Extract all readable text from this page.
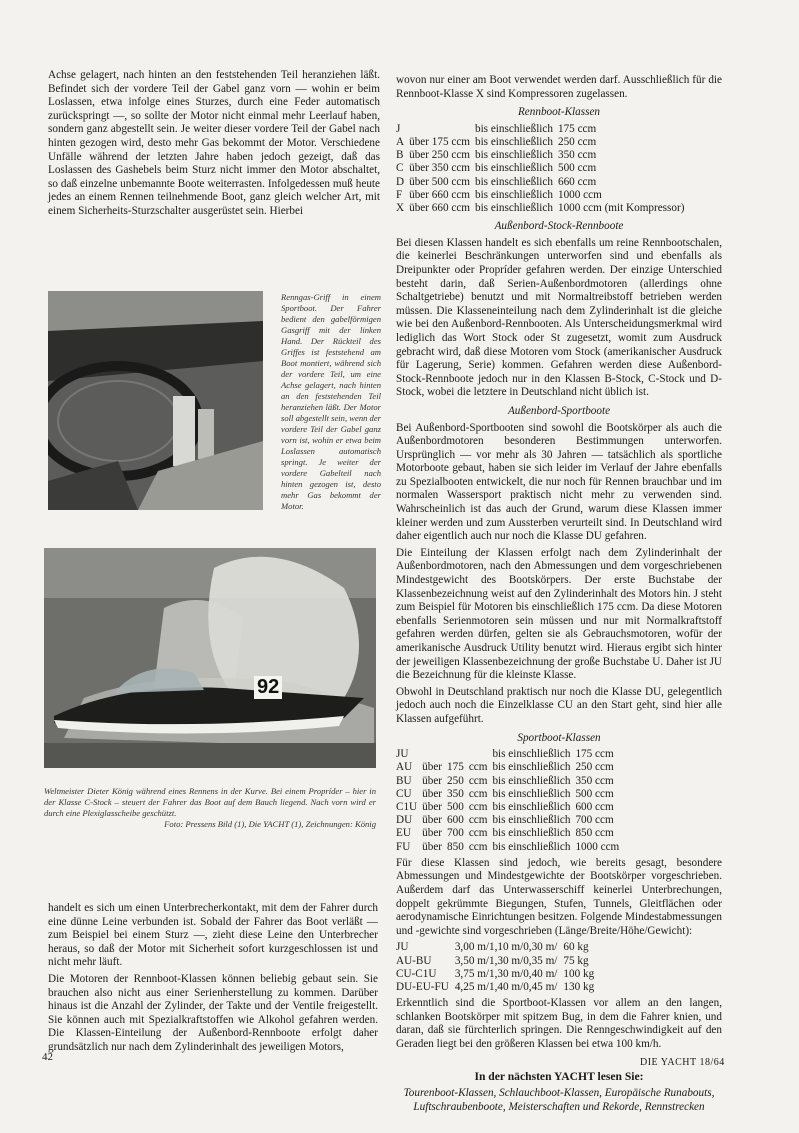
Achse gelagert, nach hinten an den feststehenden Teil heranziehen läßt. Befindet sich der vordere Teil der Gabel ganz vorn — wohin er beim Loslassen, etwa infolge eines Sturzes, durch eine Feder automatisch zurückspringt —, so sollte der Motor nicht einmal mehr Leerlauf haben, sondern ganz abgestellt sein. Je weiter dieser vordere Teil der Gabel nach hinten gezogen wird, desto mehr Gas bekommt der Motor. Verschiedene Unfälle während der letzten Jahre haben jedoch gezeigt, daß das Loslassen des Gashebels beim Sturz nicht immer den Motor abschaltet, so daß einzelne unbemannte Boote weiterrasten. Infolgedessen muß heute jedes an einem Rennen teilnehmende Boot, ganz gleich welcher Art, mit einem Sicherheits-Sturzschalter ausgerüstet sein. Hierbei

Renngas-Griff in einem Sportboot. Der Fahrer bedient den gabelförmigen Gasgriff mit der linken Hand. Der Rückteil des Griffes ist feststehend am Boot montiert, während sich der vordere Teil, um eine Achse gelagert, nach hinten an den feststehenden Teil heranziehen läßt. Der Motor soll abgestellt sein, wenn der vordere Teil der Gabel ganz vorn ist, wohin er etwa beim Loslassen automatisch springt. Je weiter der vordere Gabelteil nach hinten gezogen ist, desto mehr Gas bekommt der Motor.
92
Weltmeister Dieter König während eines Rennens in der Kurve. Bei einem Propríder – hier in der Klasse C-Stock – steuert der Fahrer das Boot auf dem Bauch liegend. Nach vorn wird er durch eine Plexiglasscheibe geschützt.
Foto: Pressens Bild (1), Die YACHT (1), Zeichnungen: König

handelt es sich um einen Unterbrecherkontakt, mit dem der Fahrer durch eine dünne Leine verbunden ist. Sobald der Fahrer das Boot verläßt — zum Beispiel bei einem Sturz —, zieht diese Leine den Unterbrecher heraus, so daß der Motor mit Sicherheit sofort kurzgeschlossen ist und nicht mehr läuft.

Die Motoren der Rennboot-Klassen können beliebig gebaut sein. Sie brauchen also nicht aus einer Serienherstellung zu kommen. Darüber hinaus ist die Anzahl der Zylinder, der Takte und der Ventile freigestellt. Sie können auch mit Spezialkraftstoffen wie Alkohol gefahren werden. Die Klassen-Einteilung der Außenbord-Rennboote erfolgt daher grundsätzlich nur nach dem Zylinderinhalt des jeweiligen Motors,

wovon nur einer am Boot verwendet werden darf. Ausschließlich für die Rennboot-Klasse X sind Kompressoren zugelassen.

Rennboot-Klassen
J		bis einschließlich	175 ccm
A	über 175 ccm	bis einschließlich	250 ccm
B	über 250 ccm	bis einschließlich	350 ccm
C	über 350 ccm	bis einschließlich	500 ccm
D	über 500 ccm	bis einschließlich	660 ccm
F	über 660 ccm	bis einschließlich	1000 ccm
X	über 660 ccm	bis einschließlich	1000 ccm (mit Kompressor)
Außenbord-Stock-Rennboote

Bei diesen Klassen handelt es sich ebenfalls um reine Rennbootschalen, die keinerlei Beschränkungen unterworfen sind und ebenfalls als Dreipunkter oder Propríder gefahren werden. Der einzige Unterschied besteht darin, daß Serien-Außenbordmotoren (allerdings ohne Schaltgetriebe) benutzt und mit Normaltreibstoff betrieben werden müssen. Die Klasseneinteilung nach dem Zylinderinhalt ist die gleiche wie bei den Außenbord-Rennbooten. Als Unterscheidungsmerkmal wird lediglich das Wort Stock oder St zugesetzt, womit zum Ausdruck gebracht wird, daß diese Motoren vom Stock (amerikanischer Ausdruck für Lagerung, Serie) kommen. Gefahren werden diese Außenbord-Stock-Rennboote jedoch nur in den Klassen B-Stock, C-Stock und D-Stock, wobei die letztere in Deutschland nicht üblich ist.

Außenbord-Sportboote

Bei Außenbord-Sportbooten sind sowohl die Bootskörper als auch die Außenbordmotoren besonderen Bestimmungen unterworfen. Ursprünglich — vor mehr als 30 Jahren — tatsächlich als sportliche Motorboote gebaut, haben sie sich leider im Verlauf der Jahre ebenfalls zu Spezialbooten entwickelt, die nur noch für Rennen brauchbar und im normalen Wassersport praktisch nicht mehr zu verwenden sind. Wahrscheinlich ist das auch der Grund, warum diese Klassen immer kleiner werden und zum Aussterben verurteilt sind. In Deutschland wird daher eigentlich auch nur noch die Klasse DU gefahren.

Die Einteilung der Klassen erfolgt nach dem Zylinderinhalt der Außenbordmotoren, nach den Abmessungen und dem vorgeschriebenen Mindestgewicht des Bootskörpers. Der erste Buchstabe der Klassenbezeichnung weist auf den Zylinderinhalt des Motors hin. J steht zum Beispiel für Motoren bis einschließlich 175 ccm. Da diese Motoren ebenfalls Serienmotoren sein müssen und nur mit Normalkraftstoff gefahren werden dürfen, gelten sie als Gebrauchsmotoren, wofür der amerikanische Ausdruck Utility benutzt wird. Hieraus ergibt sich hinter der jeweiligen Klassenbezeichnung der große Buchstabe U. Daher ist JU die Bezeichnung für die kleinste Klasse.

Obwohl in Deutschland praktisch nur noch die Klasse DU, gelegentlich jedoch auch noch die Einzelklasse CU an den Start geht, sind hier alle Klassen aufgeführt.

Sportboot-Klassen
JU				bis einschließlich	175 ccm
AU	über	175	ccm	bis einschließlich	250 ccm
BU	über	250	ccm	bis einschließlich	350 ccm
CU	über	350	ccm	bis einschließlich	500 ccm
C1U	über	500	ccm	bis einschließlich	600 ccm
DU	über	600	ccm	bis einschließlich	700 ccm
EU	über	700	ccm	bis einschließlich	850 ccm
FU	über	850	ccm	bis einschließlich	1000 ccm

Für diese Klassen sind jedoch, wie bereits gesagt, besondere Abmessungen und Mindestgewichte der Bootskörper vorgeschrieben. Außerdem darf das Unterwasserschiff keinerlei Unterbrechungen, doppelt gekrümmte Biegungen, Stufen, Tunnels, Gleitflächen oder aerodynamische Einrichtungen besitzen. Folgende Mindestabmessungen und -gewichte sind vorgeschrieben (Länge/Breite/Höhe/Gewicht):

JU	3,00 m/1,10 m/0,30 m/	60 kg
AU-BU	3,50 m/1,30 m/0,35 m/	75 kg
CU-C1U	3,75 m/1,30 m/0,40 m/	100 kg
DU-EU-FU	4,25 m/1,40 m/0,45 m/	130 kg

Erkenntlich sind die Sportboot-Klassen vor allem an den langen, schlanken Bootskörper mit spitzem Bug, in dem die Fahrer knien, und daran, daß sie fürchterlich springen. Die Renngeschwindigkeit auf den Geraden liegt bei den größeren Klassen bei etwa 100 km/h.

In der nächsten YACHT lesen Sie:
Tourenboot-Klassen, Schlauchboot-Klassen, Europäische Runabouts, Luftschraubenboote, Meisterschaften und Rekorde, Rennstrecken
42	DIE YACHT 18/64
